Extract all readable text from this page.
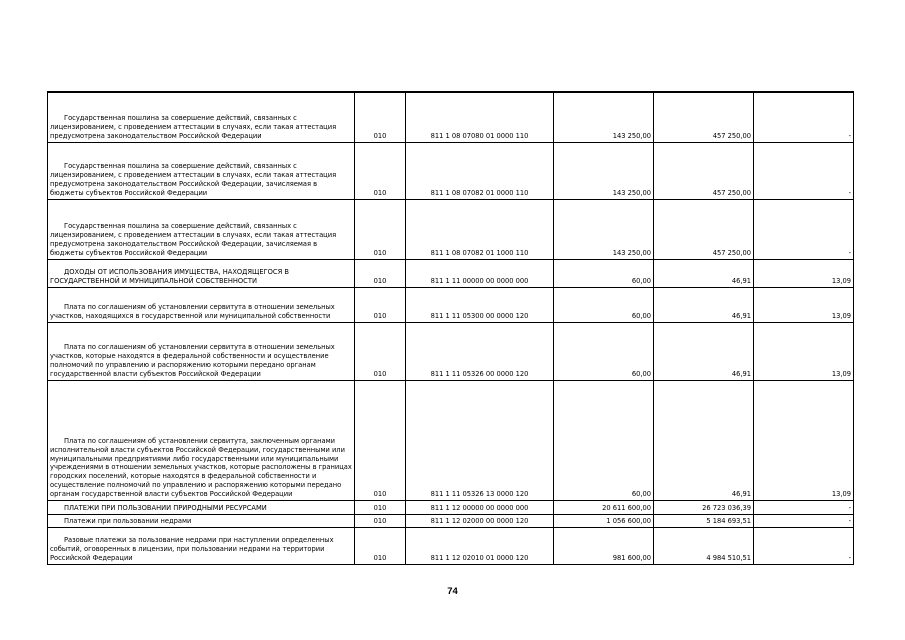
Государственная пошлина за совершение действий, связанных с лицензированием, с проведением аттестации в случаях, если такая аттестация предусмотрена законодательством Российской Федерации	010	811 1 08 07080 01 0000 110	143 250,00	457 250,00	-
Государственная пошлина за совершение действий, связанных с лицензированием, с проведением аттестации в случаях, если такая аттестация предусмотрена законодательством Российской Федерации, зачисляемая в бюджеты субъектов Российской Федерации	010	811 1 08 07082 01 0000 110	143 250,00	457 250,00	-
Государственная пошлина за совершение действий, связанных с лицензированием, с проведением аттестации в случаях, если такая аттестация предусмотрена законодательством Российской Федерации, зачисляемая в бюджеты субъектов Российской Федерации	010	811 1 08 07082 01 1000 110	143 250,00	457 250,00	-
ДОХОДЫ ОТ ИСПОЛЬЗОВАНИЯ ИМУЩЕСТВА, НАХОДЯЩЕГОСЯ В ГОСУДАРСТВЕННОЙ И МУНИЦИПАЛЬНОЙ СОБСТВЕННОСТИ	010	811 1 11 00000 00 0000 000	60,00	46,91	13,09
Плата по соглашениям об установлении сервитута в отношении земельных участков, находящихся в государственной или муниципальной собственности	010	811 1 11 05300 00 0000 120	60,00	46,91	13,09
Плата по соглашениям об установлении сервитута в отношении земельных участков, которые находятся в федеральной собственности и осуществление полномочий по управлению и распоряжению которыми передано органам государственной власти субъектов Российской Федерации	010	811 1 11 05326 00 0000 120	60,00	46,91	13,09
Плата по соглашениям об установлении сервитута, заключенным органами исполнительной власти субъектов Российской Федерации, государственными или муниципальными предприятиями либо государственными или муниципальными учреждениями в отношении земельных участков, которые расположены в границах городских поселений, которые находятся в федеральной собственности и осуществление полномочий по управлению и распоряжению которыми передано органам государственной власти субъектов Российской Федерации	010	811 1 11 05326 13 0000 120	60,00	46,91	13,09
ПЛАТЕЖИ ПРИ ПОЛЬЗОВАНИИ ПРИРОДНЫМИ РЕСУРСАМИ	010	811 1 12 00000 00 0000 000	20 611 600,00	26 723 036,39	-
Платежи при пользовании недрами	010	811 1 12 02000 00 0000 120	1 056 600,00	5 184 693,51	-
Разовые платежи за пользование недрами при наступлении определенных событий, оговоренных в лицензии, при пользовании недрами на территории Российской Федерации	010	811 1 12 02010 01 0000 120	981 600,00	4 984 510,51	-
74
